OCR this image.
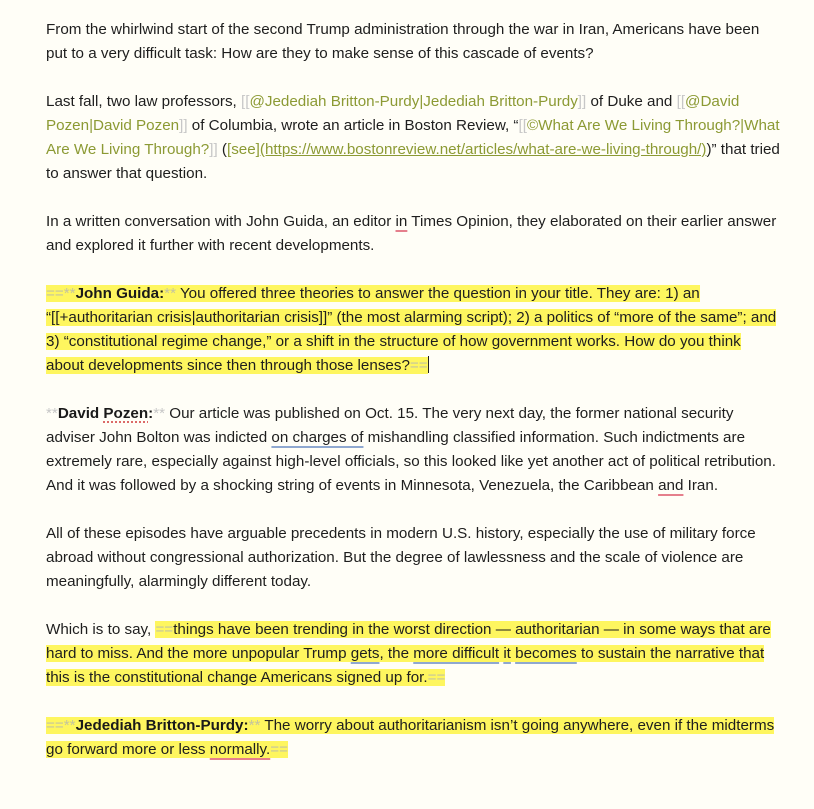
From the whirlwind start of the second Trump administration through the war in Iran, Americans have been put to a very difficult task: How are they to make sense of this cascade of events?

Last fall, two law professors, [[@Jedediah Britton-Purdy|Jedediah Britton-Purdy]] of Duke and [[@David Pozen|David Pozen]] of Columbia, wrote an article in Boston Review, “[[©What Are We Living Through?|What Are We Living Through?]] ([see](https://www.bostonreview.net/articles/what-are-we-living-through/))” that tried to answer that question.

In a written conversation with John Guida, an editor in Times Opinion, they elaborated on their earlier answer and explored it further with recent developments.

==**John Guida:** You offered three theories to answer the question in your title. They are: 1) an “[[+authoritarian crisis|authoritarian crisis]]” (the most alarming script); 2) a politics of “more of the same”; and 3) “constitutional regime change,” or a shift in the structure of how government works. How do you think about developments since then through those lenses?==

**David Pozen:** Our article was published on Oct. 15. The very next day, the former national security adviser John Bolton was indicted on charges of mishandling classified information. Such indictments are extremely rare, especially against high-level officials, so this looked like yet another act of political retribution. And it was followed by a shocking string of events in Minnesota, Venezuela, the Caribbean and Iran.

All of these episodes have arguable precedents in modern U.S. history, especially the use of military force abroad without congressional authorization. But the degree of lawlessness and the scale of violence are meaningfully, alarmingly different today.

Which is to say, ==things have been trending in the worst direction — authoritarian — in some ways that are hard to miss. And the more unpopular Trump gets, the more difficult it becomes to sustain the narrative that this is the constitutional change Americans signed up for.==

==**Jedediah Britton-Purdy:** The worry about authoritarianism isn’t going anywhere, even if the midterms go forward more or less normally.==
